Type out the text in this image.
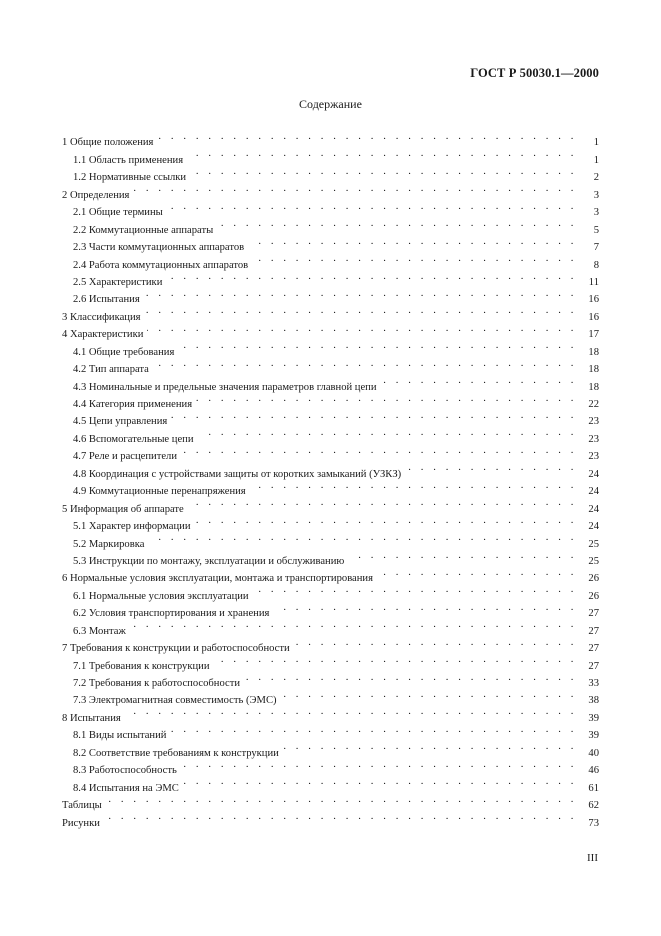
ГОСТ Р 50030.1—2000
Содержание
1 Общие положения . . .	1
1.1 Область применения . . .	1
1.2 Нормативные ссылки . . .	2
2 Определения . . .	3
2.1 Общие термины . . .	3
2.2 Коммутационные аппараты . . .	5
2.3 Части коммутационных аппаратов . . .	7
2.4 Работа коммутационных аппаратов . . .	8
2.5 Характеристики . . .	11
2.6 Испытания . . .	16
3 Классификация . . .	16
4 Характеристики . . .	17
4.1 Общие требования . . .	18
4.2 Тип аппарата . . .	18
4.3 Номинальные и предельные значения параметров главной цепи . . .	18
4.4 Категория применения . . .	22
4.5 Цепи управления . . .	23
4.6 Вспомогательные цепи . . .	23
4.7 Реле и расцепители . . .	23
4.8 Координация с устройствами защиты от коротких замыканий (УЗКЗ) . . .	24
4.9 Коммутационные перенапряжения . . .	24
5 Информация об аппарате . . .	24
5.1 Характер информации . . .	24
5.2 Маркировка . . .	25
5.3 Инструкции по монтажу, эксплуатации и обслуживанию . . .	25
6 Нормальные условия эксплуатации, монтажа и транспортирования . . .	26
6.1 Нормальные условия эксплуатации . . .	26
6.2 Условия транспортирования и хранения . . .	27
6.3 Монтаж . . .	27
7 Требования к конструкции и работоспособности . . .	27
7.1 Требования к конструкции . . .	27
7.2 Требования к работоспособности . . .	33
7.3 Электромагнитная совместимость (ЭМС) . . .	38
8 Испытания . . .	39
8.1 Виды испытаний . . .	39
8.2 Соответствие требованиям к конструкции . . .	40
8.3 Работоспособность . . .	46
8.4 Испытания на ЭМС . . .	61
Таблицы . . .	62
Рисунки . . .	73
III
